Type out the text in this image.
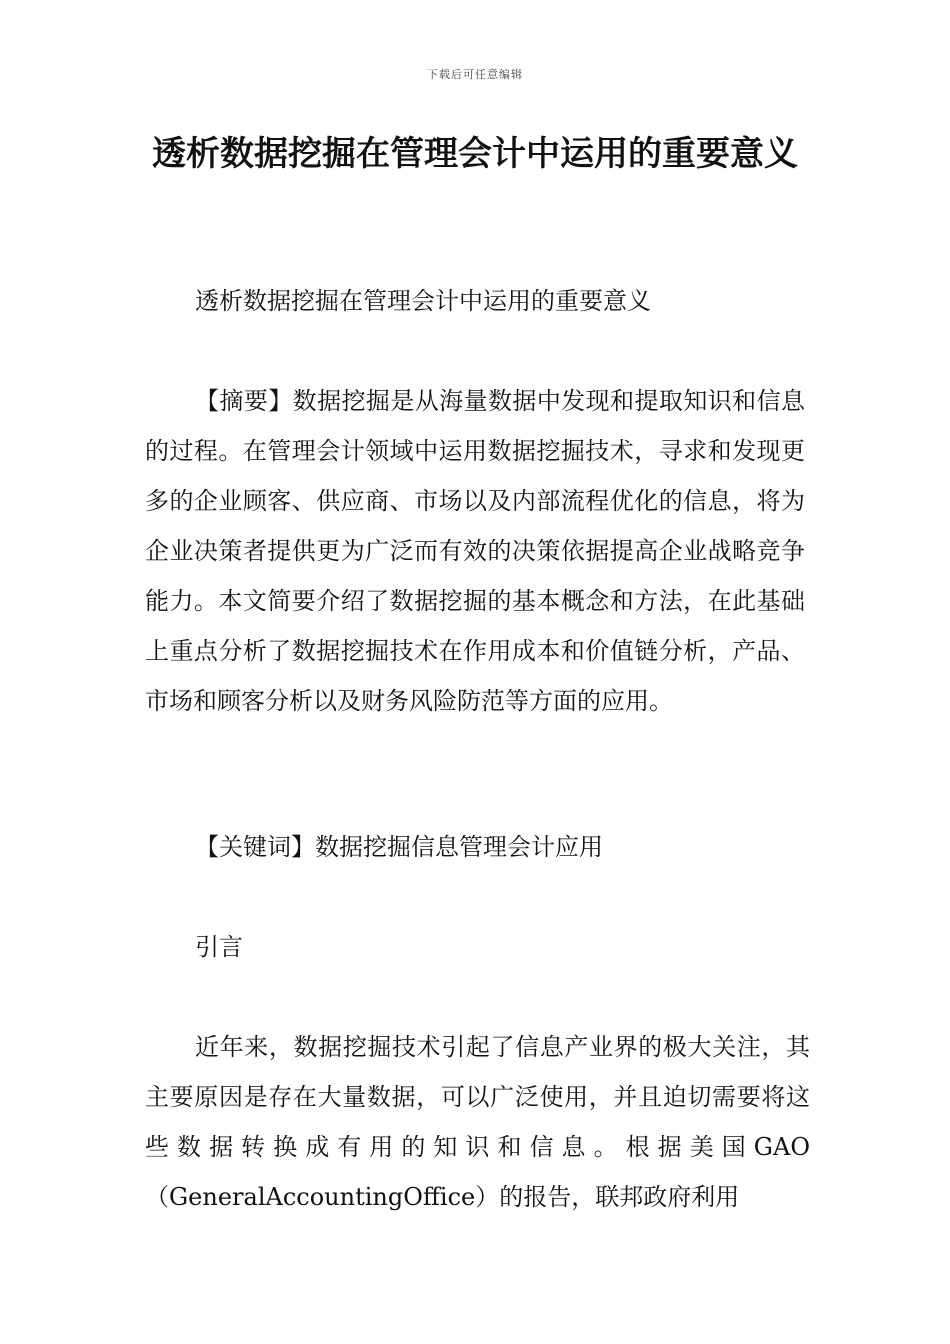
下载后可任意编辑
透析数据挖掘在管理会计中运用的重要意义

透析数据挖掘在管理会计中运用的重要意义

【摘要】数据挖掘是从海量数据中发现和提取知识和信息的过程。在管理会计领域中运用数据挖掘技术，寻求和发现更多的企业顾客、供应商、市场以及内部流程优化的信息，将为企业决策者提供更为广泛而有效的决策依据提高企业战略竞争能力。本文简要介绍了数据挖掘的基本概念和方法，在此基础上重点分析了数据挖掘技术在作用成本和价值链分析，产品、市场和顾客分析以及财务风险防范等方面的应用。

【关键词】数据挖掘信息管理会计应用

引言

近年来，数据挖掘技术引起了信息产业界的极大关注，其主要原因是存在大量数据，可以广泛使用，并且迫切需要将这些数据转换成有用的知识和信息。根据美国GAO（GeneralAccountingOffice）的报告，联邦政府利用
